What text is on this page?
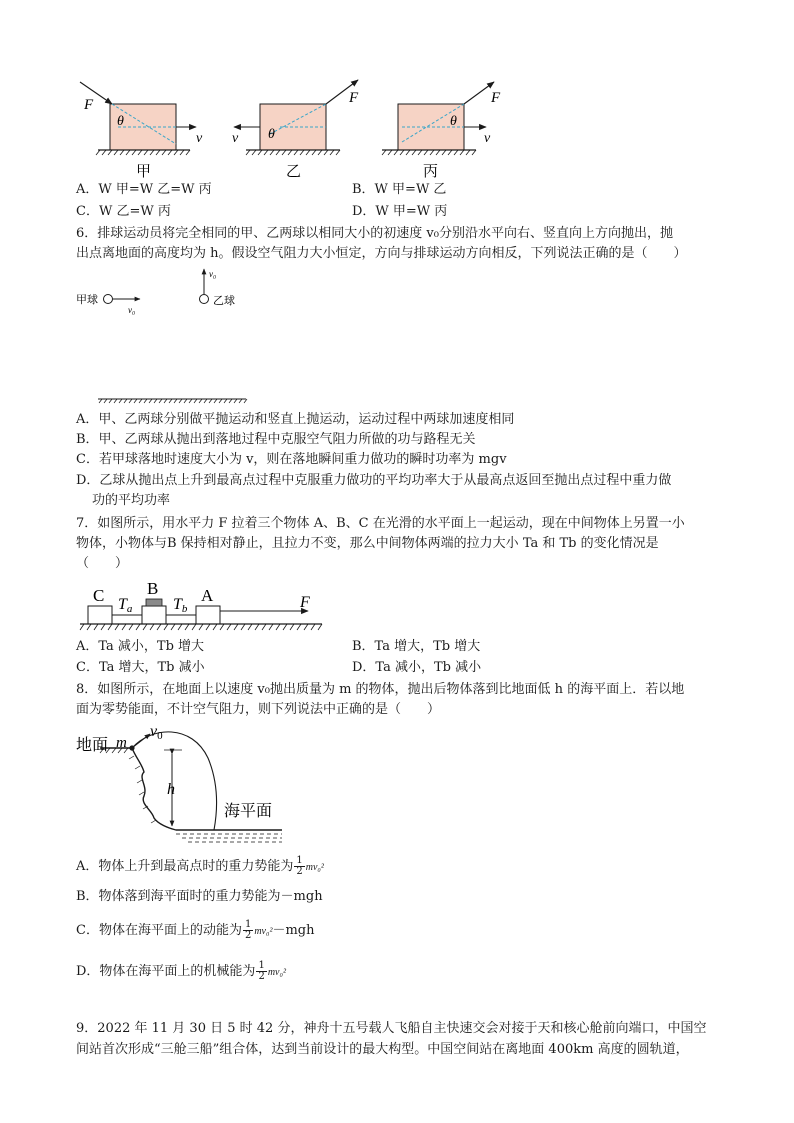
F
θ
v
甲
F
θ
v
乙
F
θ
v
丙
A．W 甲=W 乙=W 丙	B．W 甲=W 乙
C．W 乙=W 丙	D．W 甲=W 丙
6．排球运动员将完全相同的甲、乙两球以相同大小的初速度 v₀分别沿水平向右、竖直向上方向抛出，抛
出点离地面的高度均为 h。假设空气阻力大小恒定，方向与排球运动方向相反，下列说法正确的是（　　）
甲球
v₀
v₀
乙球
A．甲、乙两球分别做平抛运动和竖直上抛运动，运动过程中两球加速度相同
B．甲、乙两球从抛出到落地过程中克服空气阻力所做的功与路程无关
C．若甲球落地时速度大小为 v，则在落地瞬间重力做功的瞬时功率为 mgv
D．乙球从抛出点上升到最高点过程中克服重力做功的平均功率大于从最高点返回至抛出点过程中重力做
功的平均功率
7．如图所示，用水平力 F 拉着三个物体 A、B、C 在光滑的水平面上一起运动，现在中间物体上另置一小
物体，小物体与B 保持相对静止，且拉力不变，那么中间物体两端的拉力大小 Ta 和 Tb 的变化情况是
（　　）
C	B	A
Ta	Tb	F
A．Ta 减小，Tb 增大	B．Ta 增大，Tb 增大
C．Ta 增大，Tb 减小	D．Ta 减小，Tb 减小
8．如图所示，在地面上以速度 v₀抛出质量为 m 的物体，抛出后物体落到比地面低 h 的海平面上．若以地
面为零势能面，不计空气阻力，则下列说法中正确的是（　　）
地面 m
v0
h
海平面
A．物体上升到最高点时的重力势能为 $\frac{1}{2} mv_0^2$
B．物体落到海平面时的重力势能为－mgh
C．物体在海平面上的动能为 $\frac{1}{2} mv_0^2-mgh$
D．物体在海平面上的机械能为 $\frac{1}{2} mv_0^2$
9．2022 年 11 月 30 日 5 时 42 分，神舟十五号载人飞船自主快速交会对接于天和核心舱前向端口，中国空
间站首次形成“三舱三船”组合体，达到当前设计的最大构型。中国空间站在离地面 400km 高度的圆轨道，
